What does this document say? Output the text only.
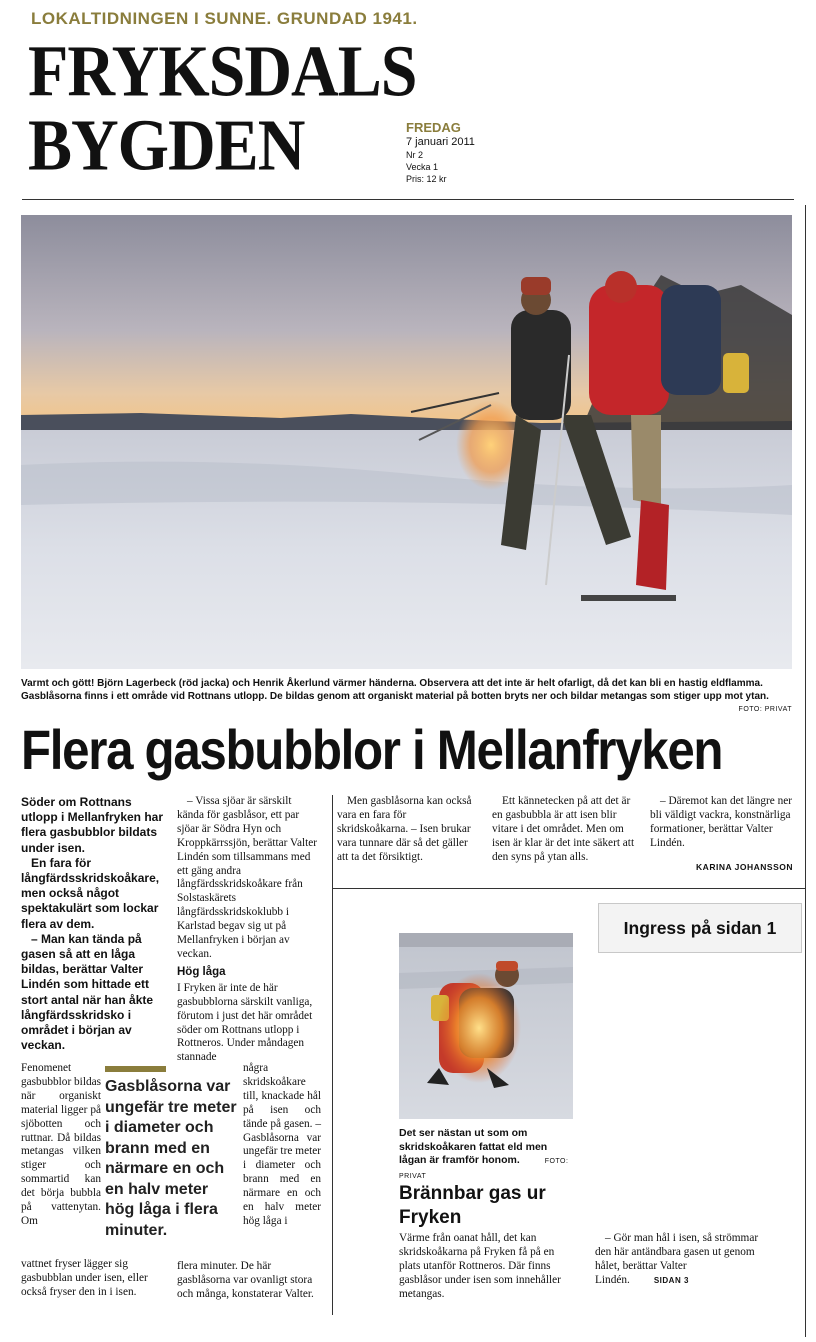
LOKALTIDNINGEN I SUNNE. GRUNDAD 1941.
FRYKSDALS
BYGDEN	FREDAG
7 januari 2011
Nr 2
Vecka 1
Pris: 12 kr
Varmt och gött! Björn Lagerbeck (röd jacka) och Henrik Åkerlund värmer händerna. Observera att det inte är helt ofarligt, då det kan bli en hastig eldflamma. Gasblåsorna finns i ett område vid Rottnans utlopp. De bildas genom att organiskt material på botten bryts ner och bildar metangas som stiger upp mot ytan.
FOTO: PRIVAT
Flera gasbubblor i Mellanfryken

Söder om Rottnans utlopp i Mellanfryken har flera gasbubblor bildats under isen.

En fara för långfärdsskridskoåkare, men också något spektakulärt som lockar flera av dem.

– Man kan tända på gasen så att en låga bildas, berättar Valter Lindén som hittade ett stort antal när han åkte långfärdsskridsko i området i början av veckan.

Fenomenet gasbubblor bildas när organiskt material ligger på sjöbotten och ruttnar. Då bildas metangas vilken stiger och sommartid kan det börja bubbla på vattenytan. Om
vattnet fryser lägger sig gasbubblan under isen, eller också fryser den in i isen.
Gasblåsorna var ungefär tre meter i diameter och brann med en närmare en och en halv meter hög låga i flera minuter.

– Vissa sjöar är särskilt kända för gasblåsor, ett par sjöar är Södra Hyn och Kroppkärrssjön, berättar Valter Lindén som tillsammans med ett gäng andra långfärdsskridskoåkare från Solstaskärets långfärdsskridskoklubb i Karlstad begav sig ut på Mellanfryken i början av veckan.

Hög låga

I Fryken är inte de här gasbubblorna särskilt vanliga, förutom i just det här området söder om Rottnans utlopp i Rottneros. Under måndagen stannade

några skridskoåkare till, knackade hål på isen och tände på gasen. – Gasblåsorna var ungefär tre meter i diameter och brann med en närmare en och en halv meter hög låga i
flera minuter. De här gasblåsorna var ovanligt stora och många, konstaterar Valter.
Men gasblåsorna kan också vara en fara för skridskoåkarna. – Isen brukar vara tunnare där så det gäller att ta det försiktigt.
Ett kännetecken på att det är en gasbubbla är att isen blir vitare i det området. Men om isen är klar är det inte säkert att den syns på ytan alls.
– Däremot kan det längre ner bli väldigt vackra, konstnärliga formationer, berättar Valter Lindén.
KARINA JOHANSSON
Ingress på sidan 1
Det ser nästan ut som om skridskoåkaren fattat eld men lågan är framför honom.	FOTO: PRIVAT
Brännbar gas ur Fryken
Värme från oanat håll, det kan skridskoåkarna på Fryken få på en plats utanför Rottneros. Där finns gasblåsor under isen som innehåller metangas.
– Gör man hål i isen, så strömmar den här antändbara gasen ut genom hålet, berättar Valter Lindén.	SIDAN 3
